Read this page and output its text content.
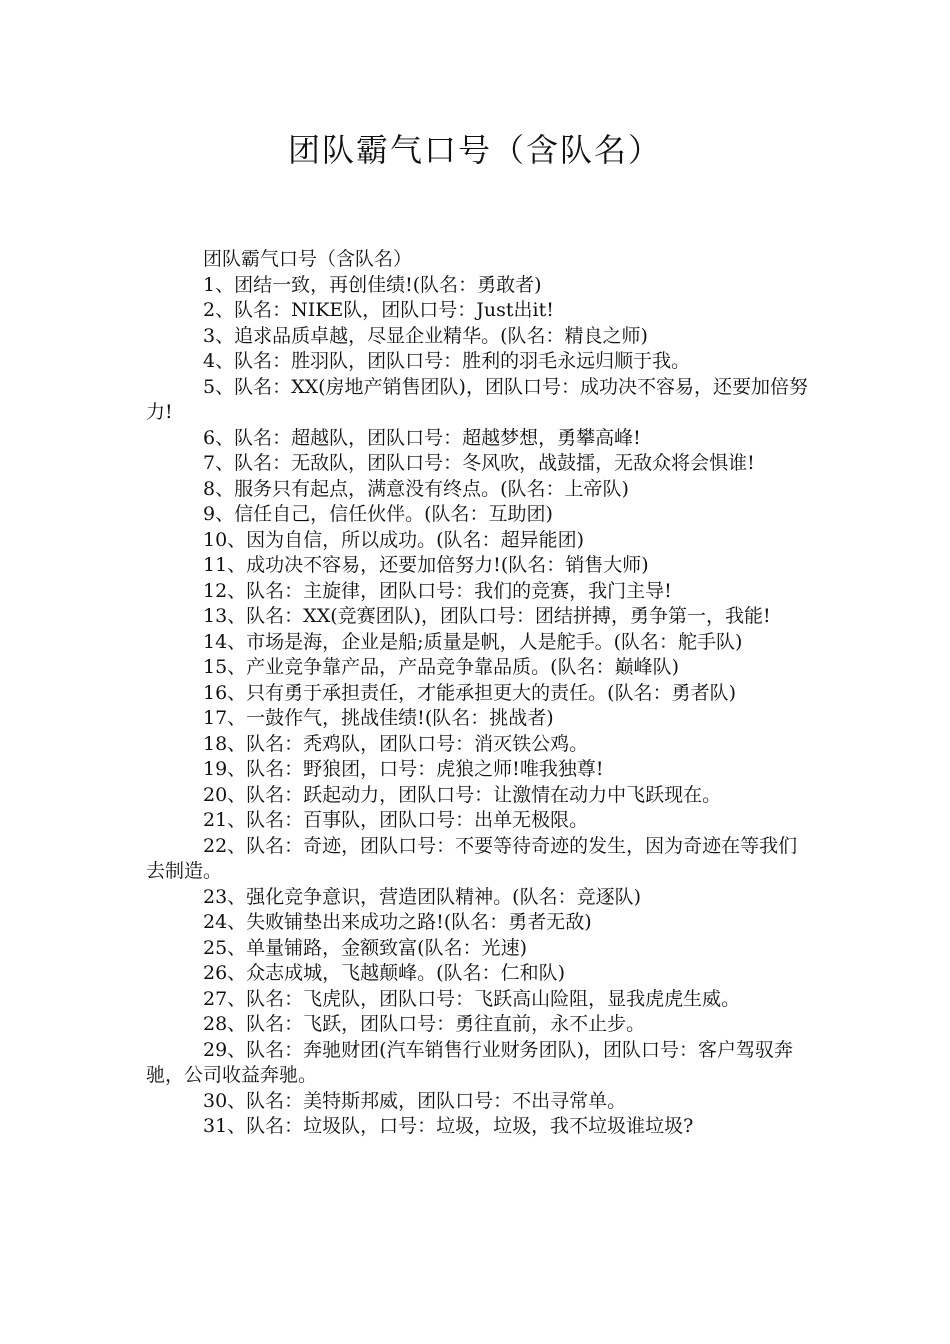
团队霸气口号（含队名）

团队霸气口号（含队名）

1、团结一致，再创佳绩!(队名：勇敢者)

2、队名：NIKE队，团队口号：Just出it!

3、追求品质卓越，尽显企业精华。(队名：精良之师)

4、队名：胜羽队，团队口号：胜利的羽毛永远归顺于我。

5、队名：XX(房地产销售团队)，团队口号：成功决不容易，还要加倍努力!

6、队名：超越队，团队口号：超越梦想，勇攀高峰!

7、队名：无敌队，团队口号：冬风吹，战鼓擂，无敌众将会惧谁!

8、服务只有起点，满意没有终点。(队名：上帝队)

9、信任自己，信任伙伴。(队名：互助团)

10、因为自信，所以成功。(队名：超异能团)

11、成功决不容易，还要加倍努力!(队名：销售大师)

12、队名：主旋律，团队口号：我们的竞赛，我门主导!

13、队名：XX(竞赛团队)，团队口号：团结拼搏，勇争第一，我能!

14、市场是海，企业是船;质量是帆，人是舵手。(队名：舵手队)

15、产业竞争靠产品，产品竞争靠品质。(队名：巅峰队)

16、只有勇于承担责任，才能承担更大的责任。(队名：勇者队)

17、一鼓作气，挑战佳绩!(队名：挑战者)

18、队名：秃鸡队，团队口号：消灭铁公鸡。

19、队名：野狼团，口号：虎狼之师!唯我独尊!

20、队名：跃起动力，团队口号：让激情在动力中飞跃现在。

21、队名：百事队，团队口号：出单无极限。

22、队名：奇迹，团队口号：不要等待奇迹的发生，因为奇迹在等我们去制造。

23、强化竞争意识，营造团队精神。(队名：竞逐队)

24、失败铺垫出来成功之路!(队名：勇者无敌)

25、单量铺路，金额致富(队名：光速)

26、众志成城，飞越颠峰。(队名：仁和队)

27、队名：飞虎队，团队口号：飞跃高山险阻，显我虎虎生威。

28、队名：飞跃，团队口号：勇往直前，永不止步。

29、队名：奔驰财团(汽车销售行业财务团队)，团队口号：客户驾驭奔驰，公司收益奔驰。

30、队名：美特斯邦威，团队口号：不出寻常单。

31、队名：垃圾队，口号：垃圾，垃圾，我不垃圾谁垃圾?
